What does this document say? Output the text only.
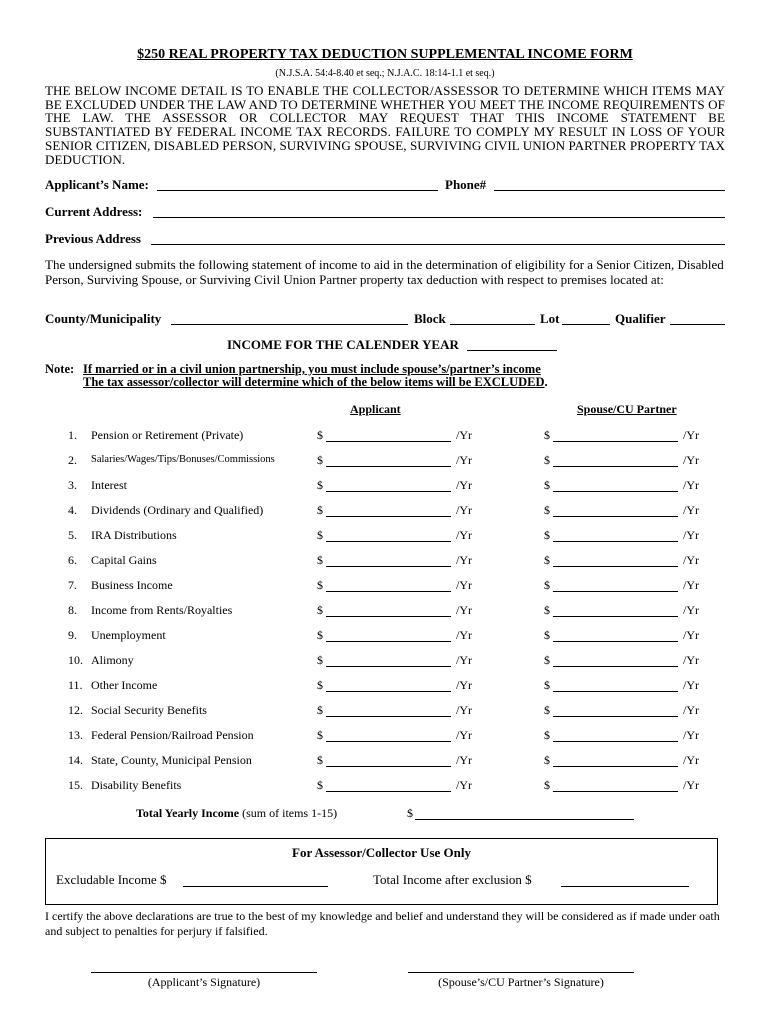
$250 REAL PROPERTY TAX DEDUCTION SUPPLEMENTAL INCOME FORM
(N.J.S.A. 54:4-8.40 et seq.; N.J.A.C. 18:14-1.1 et seq.)
THE BELOW INCOME DETAIL IS TO ENABLE THE COLLECTOR/ASSESSOR TO DETERMINE WHICH ITEMS MAY BE EXCLUDED UNDER THE LAW AND TO DETERMINE WHETHER YOU MEET THE INCOME REQUIREMENTS OF THE LAW. THE ASSESSOR OR COLLECTOR MAY REQUEST THAT THIS INCOME STATEMENT BE SUBSTANTIATED BY FEDERAL INCOME TAX RECORDS. FAILURE TO COMPLY MY RESULT IN LOSS OF YOUR SENIOR CITIZEN, DISABLED PERSON, SURVIVING SPOUSE, SURVIVING CIVIL UNION PARTNER PROPERTY TAX DEDUCTION.
Applicant’s Name:	Phone#
Current Address:
Previous Address
The undersigned submits the following statement of income to aid in the determination of eligibility for a Senior Citizen, Disabled Person, Surviving Spouse, or Surviving Civil Union Partner property tax deduction with respect to premises located at:
County/Municipality	Block	Lot	Qualifier
INCOME FOR THE CALENDER YEAR
Note: If married or in a civil union partnership, you must include spouse’s/partner’s income
The tax assessor/collector will determine which of the below items will be EXCLUDED.
Applicant	Spouse/CU Partner
1. Pension or Retirement (Private)	$	/Yr	$	/Yr
2. Salaries/Wages/Tips/Bonuses/Commissions	$	/Yr	$	/Yr
3. Interest	$	/Yr	$	/Yr
4. Dividends (Ordinary and Qualified)	$	/Yr	$	/Yr
5. IRA Distributions	$	/Yr	$	/Yr
6. Capital Gains	$	/Yr	$	/Yr
7. Business Income	$	/Yr	$	/Yr
8. Income from Rents/Royalties	$	/Yr	$	/Yr
9. Unemployment	$	/Yr	$	/Yr
10. Alimony	$	/Yr	$	/Yr
11. Other Income	$	/Yr	$	/Yr
12. Social Security Benefits	$	/Yr	$	/Yr
13. Federal Pension/Railroad Pension	$	/Yr	$	/Yr
14. State, County, Municipal Pension	$	/Yr	$	/Yr
15. Disability Benefits	$	/Yr	$	/Yr
Total Yearly Income (sum of items 1-15)	$
For Assessor/Collector Use Only
Excludable Income $	Total Income after exclusion $
I certify the above declarations are true to the best of my knowledge and belief and understand they will be considered as if made under oath and subject to penalties for perjury if falsified.
(Applicant’s Signature)	(Spouse’s/CU Partner’s Signature)
